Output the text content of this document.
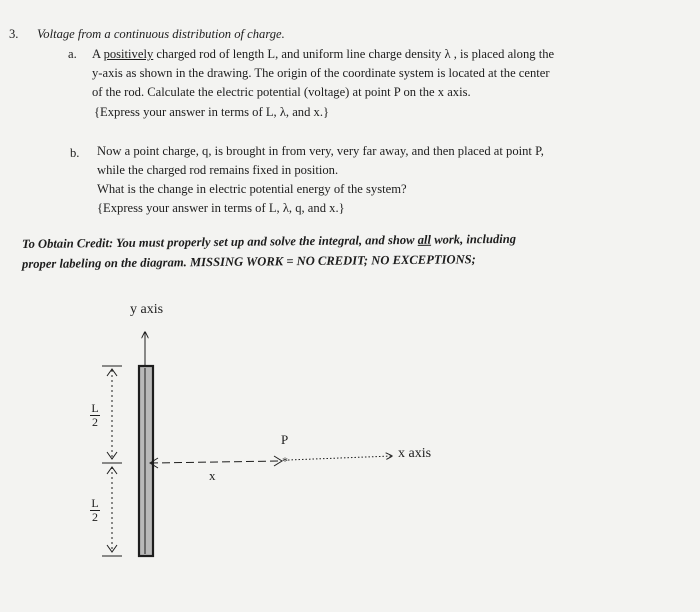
3. Voltage from a continuous distribution of charge.
a. A positively charged rod of length L, and uniform line charge density λ , is placed along the
y-axis as shown in the drawing. The origin of the coordinate system is located at the center
of the rod. Calculate the electric potential (voltage) at point P on the x axis.
{Express your answer in terms of L, λ, and x.}
b. Now a point charge, q, is brought in from very, very far away, and then placed at point P,
while the charged rod remains fixed in position.
What is the change in electric potential energy of the system?
{Express your answer in terms of L, λ, q, and x.}
To Obtain Credit: You must properly set up and solve the integral, and show all work, including
proper labeling on the diagram. MISSING WORK = NO CREDIT; NO EXCEPTIONS;
*
y axis
x axis
P
x
$\frac{L}{2}$
$\frac{L}{2}$
